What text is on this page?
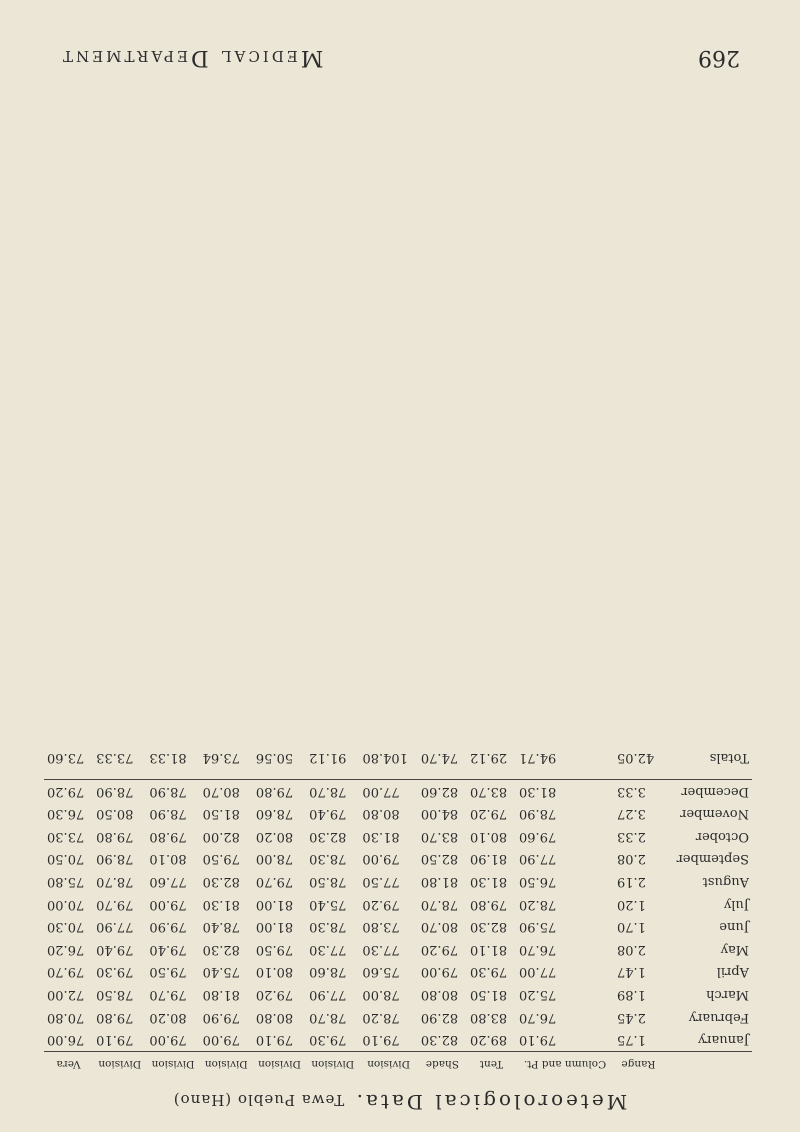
Meteorological Data. Tewa Pueblo (Hano)
	Range	Column and Pt.	Tent	Shade	Division	Division	Division	Division	Division	Division	Vera
January	1.75	79.10	89.20	82.30	79.10	79.30	79.10	79.00	79.00	79.10	76.00
February	2.45	76.70	83.80	82.90	78.20	78.70	80.80	79.90	80.20	79.80	70.80
March	1.89	75.20	81.50	80.80	78.00	77.90	79.20	81.80	79.70	78.50	72.00
April	1.47	77.00	79.30	79.00	75.60	78.60	80.10	75.40	79.50	79.30	79.70
May	2.08	76.70	81.10	79.20	77.30	77.30	79.50	82.30	79.40	79.40	76.20
June	1.70	75.90	82.30	80.70	73.80	78.30	81.00	78.40	79.90	77.90	70.30
July	1.20	78.20	79.80	78.70	79.20	75.40	81.00	81.30	79.00	79.70	70.00
August	2.19	76.50	81.30	81.80	77.50	78.50	79.70	82.30	77.60	78.70	75.80
September	2.08	77.90	81.90	82.50	79.00	78.30	78.00	79.50	80.10	78.90	70.50
October	2.33	79.60	80.10	83.70	81.30	82.30	80.20	82.00	79.80	79.80	73.30
November	3.27	78.90	79.20	84.00	80.80	79.40	78.60	81.50	78.90	80.50	76.30
December	3.33	81.30	83.70	82.60	77.00	78.70	79.80	80.70	78.90	78.90	79.20
Totals	42.05	94.71	29.12	74.70	104.80	91.12	50.56	73.64	81.33	73.33	73.60
269
Medical Department
